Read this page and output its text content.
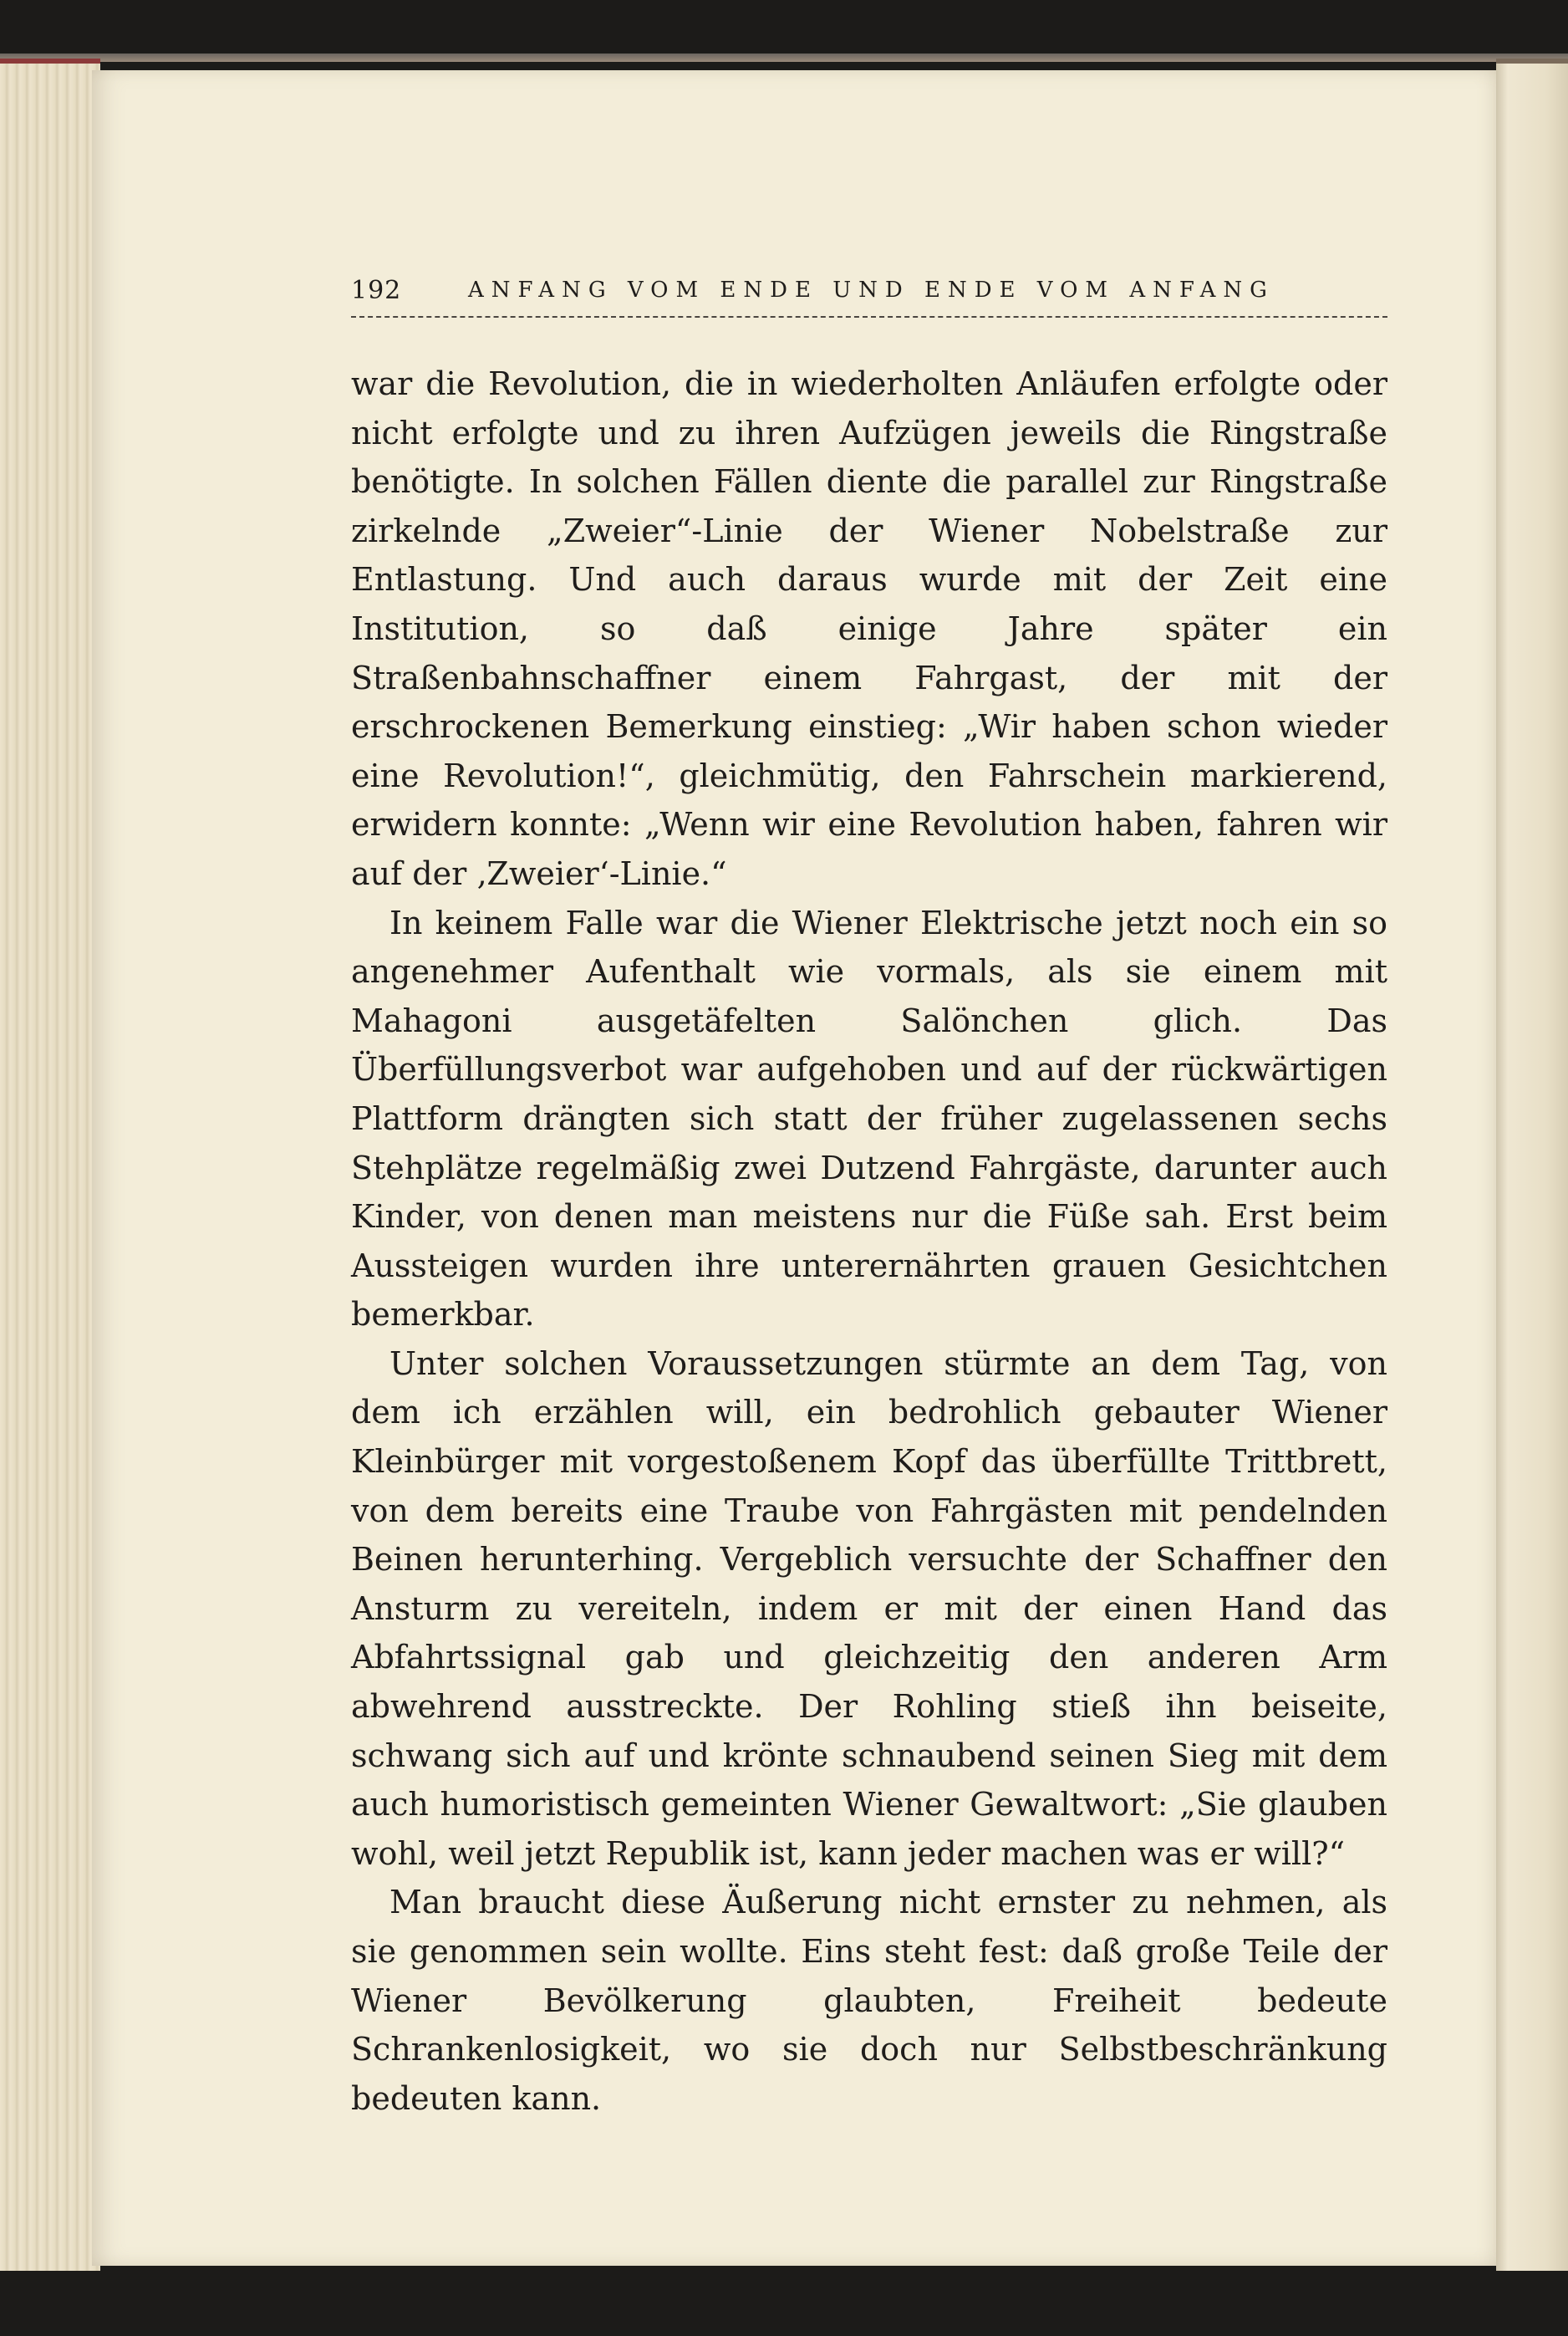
192	ANFANG VOM ENDE UND ENDE VOM ANFANG

war die Revolution, die in wiederholten Anläufen erfolgte oder nicht erfolgte und zu ihren Aufzügen jeweils die Ringstraße benötigte. In solchen Fällen diente die parallel zur Ringstraße zirkelnde „Zweier“-Linie der Wiener Nobelstraße zur Entlastung. Und auch daraus wurde mit der Zeit eine Institution, so daß einige Jahre später ein Straßenbahnschaffner einem Fahrgast, der mit der erschrockenen Bemerkung einstieg: „Wir haben schon wieder eine Revolution!“, gleichmütig, den Fahrschein markierend, erwidern konnte: „Wenn wir eine Revolution haben, fahren wir auf der ‚Zweier‘-Linie.“

In keinem Falle war die Wiener Elektrische jetzt noch ein so angenehmer Aufenthalt wie vormals, als sie einem mit Mahagoni ausgetäfelten Salönchen glich. Das Überfüllungsverbot war aufgehoben und auf der rückwärtigen Plattform drängten sich statt der früher zugelassenen sechs Stehplätze regelmäßig zwei Dutzend Fahrgäste, darunter auch Kinder, von denen man meistens nur die Füße sah. Erst beim Aussteigen wurden ihre unterernährten grauen Gesichtchen bemerkbar.

Unter solchen Voraussetzungen stürmte an dem Tag, von dem ich erzählen will, ein bedrohlich gebauter Wiener Kleinbürger mit vorgestoßenem Kopf das überfüllte Trittbrett, von dem bereits eine Traube von Fahrgästen mit pendelnden Beinen herunterhing. Vergeblich versuchte der Schaffner den Ansturm zu vereiteln, indem er mit der einen Hand das Abfahrtssignal gab und gleichzeitig den anderen Arm abwehrend ausstreckte. Der Rohling stieß ihn beiseite, schwang sich auf und krönte schnaubend seinen Sieg mit dem auch humoristisch gemeinten Wiener Gewaltwort: „Sie glauben wohl, weil jetzt Republik ist, kann jeder machen was er will?“

Man braucht diese Äußerung nicht ernster zu nehmen, als sie genommen sein wollte. Eins steht fest: daß große Teile der Wiener Bevölkerung glaubten, Freiheit bedeute Schrankenlosigkeit, wo sie doch nur Selbstbeschränkung bedeuten kann.
